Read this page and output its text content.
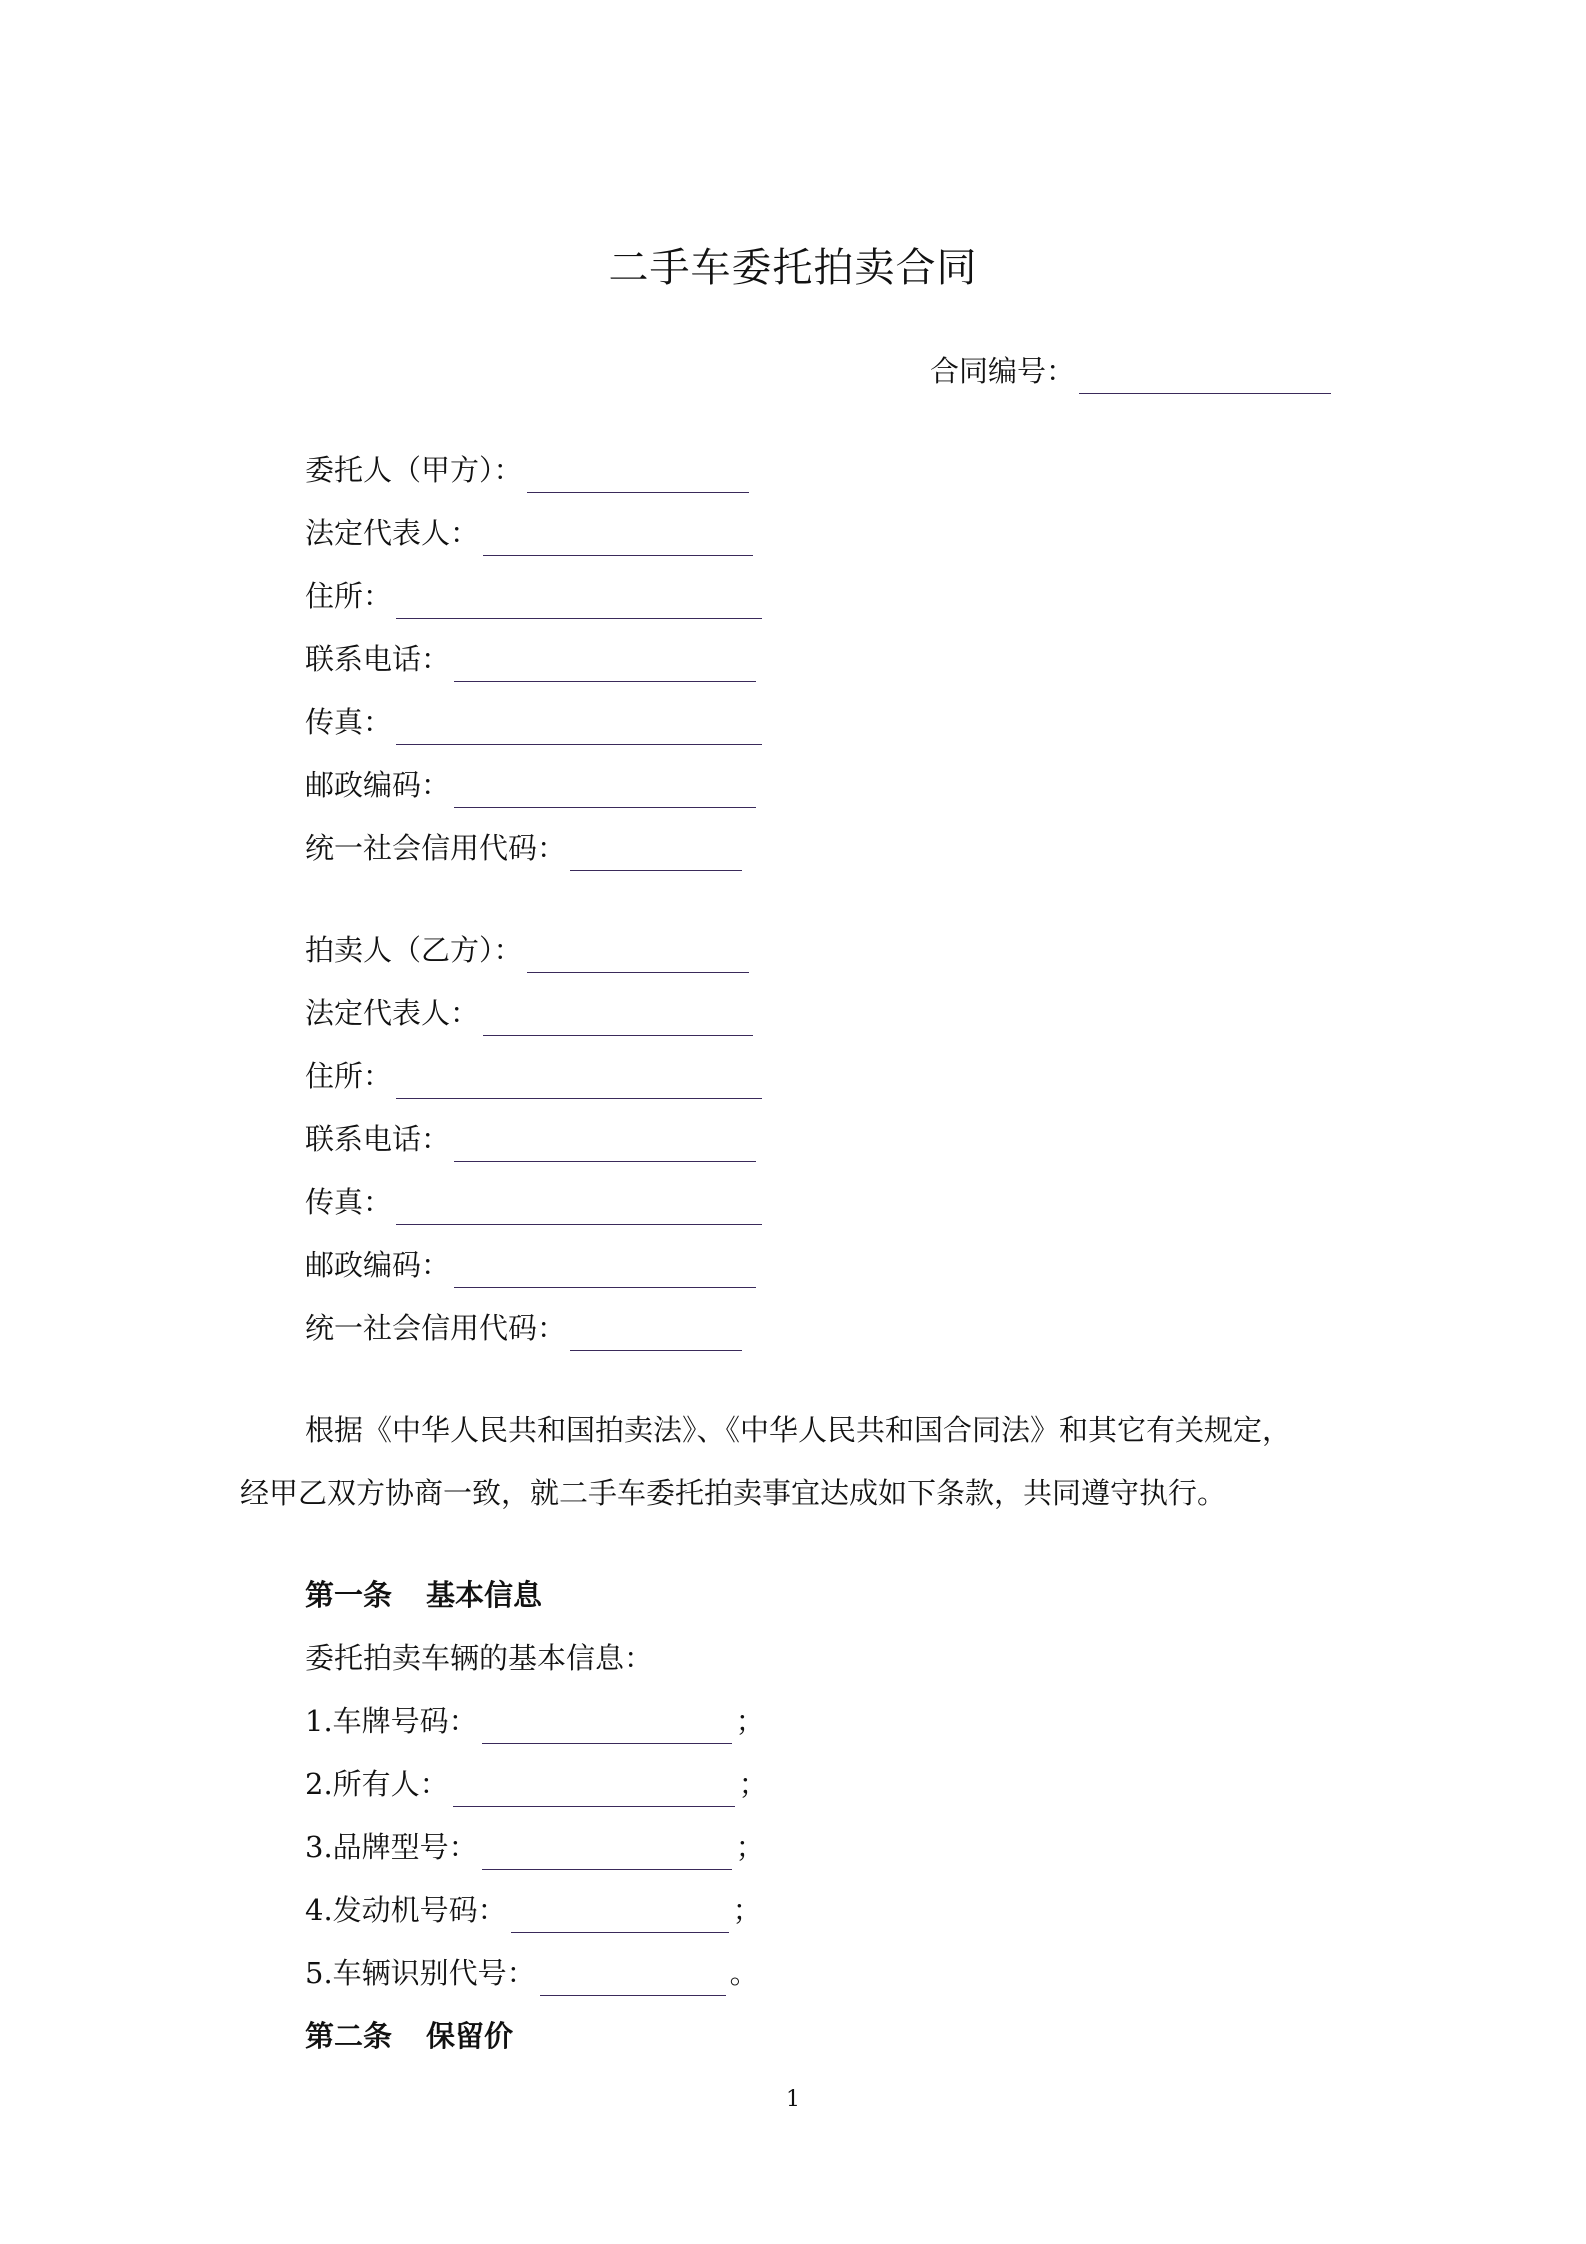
二手车委托拍卖合同
合同编号：
委托人（甲方）：
法定代表人：
住所：
联系电话：
传真：
邮政编码：
统一社会信用代码：
拍卖人（乙方）：
法定代表人：
住所：
联系电话：
传真：
邮政编码：
统一社会信用代码：
根据《中华人民共和国拍卖法》、《中华人民共和国合同法》和其它有关规定，
经甲乙双方协商一致，就二手车委托拍卖事宜达成如下条款，共同遵守执行。
第一条 基本信息
委托拍卖车辆的基本信息：
1.车牌号码：	；
2.所有人：	；
3.品牌型号：	；
4.发动机号码：	；
5.车辆识别代号：	。
第二条 保留价
1
